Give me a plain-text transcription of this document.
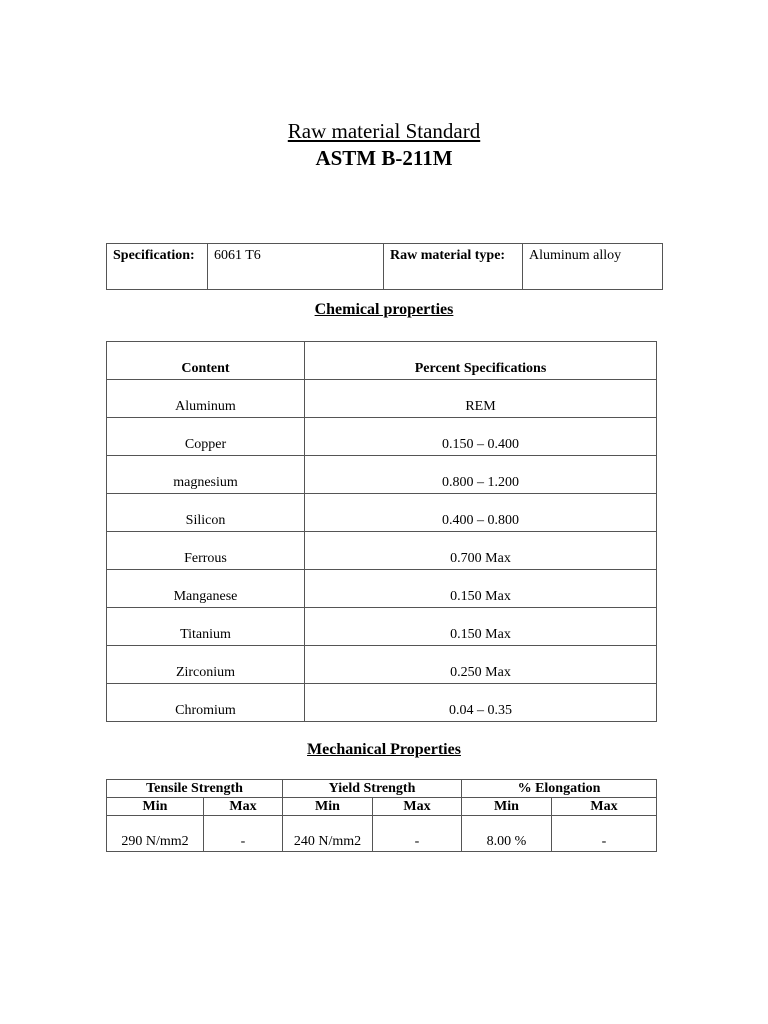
Raw material Standard
ASTM B-211M
Specification:	6061 T6	Raw material type:	Aluminum alloy
Chemical properties
Content	Percent Specifications
Aluminum	REM
Copper	0.150 – 0.400
magnesium	0.800 – 1.200
Silicon	0.400 – 0.800
Ferrous	0.700 Max
Manganese	0.150 Max
Titanium	0.150 Max
Zirconium	0.250 Max
Chromium	0.04 – 0.35
Mechanical Properties
Tensile Strength		Yield Strength		% Elongation	
Min	Max	Min	Max	Min	Max
290 N/mm2	-	240 N/mm2	-	8.00 %	-
